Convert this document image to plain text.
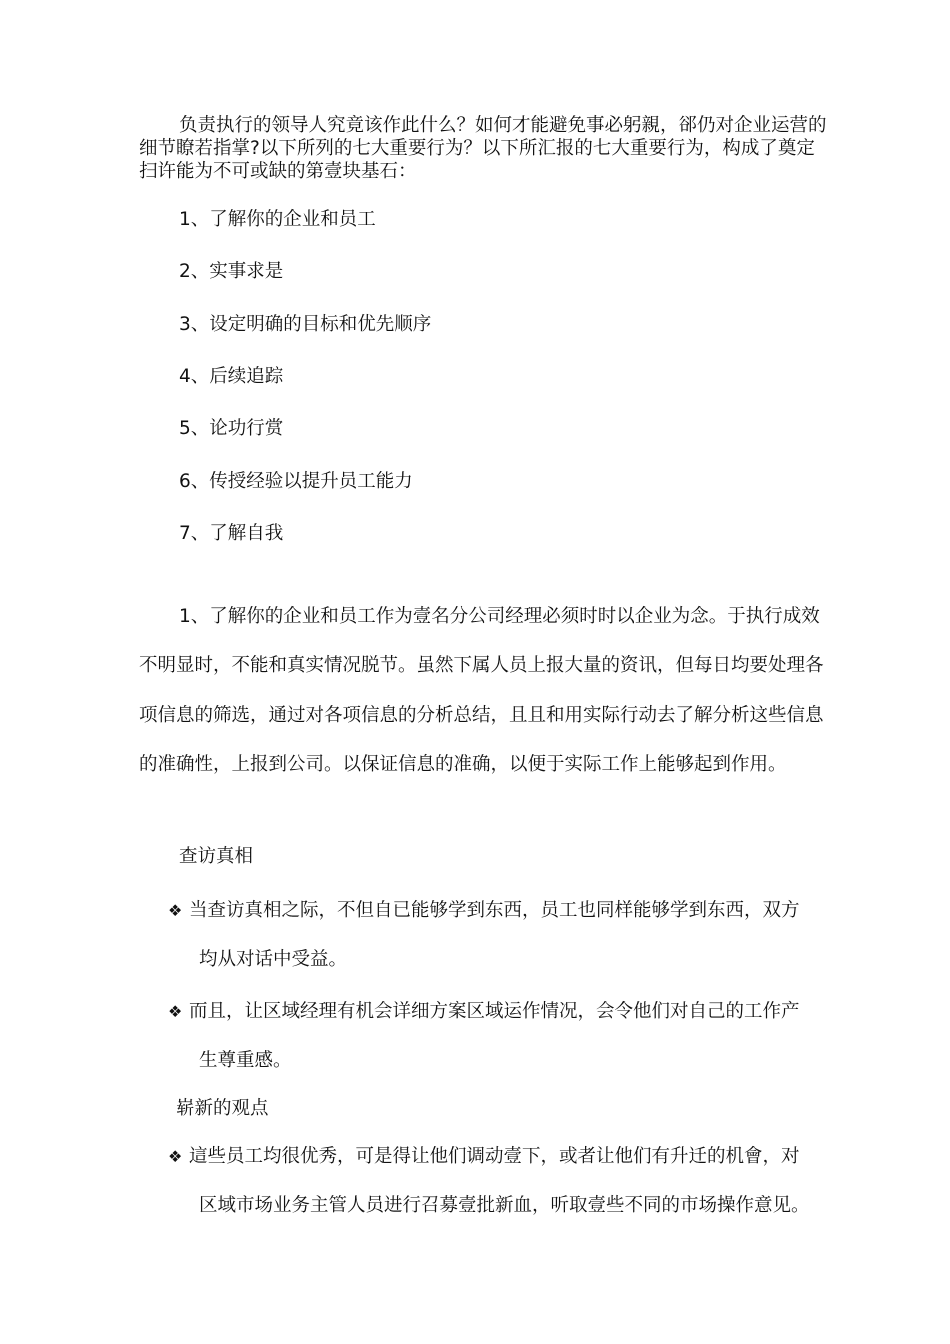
负责执行的领导人究竟该作此什么？如何才能避免事必躬親，郤仍对企业运营的细节瞭若指掌?以下所列的七大重要行为？以下所汇报的七大重要行为，构成了奠定扫许能为不可或缺的第壹块基石：

1、了解你的企业和员工

2、实事求是

3、设定明确的目标和优先顺序

4、后续追踪

5、论功行赏

6、传授经验以提升员工能力

7、了解自我

1、了解你的企业和员工作为壹名分公司经理必须时时以企业为念。于执行成效不明显时，不能和真实情况脱节。虽然下属人员上报大量的资讯，但每日均要处理各项信息的筛选，通过对各项信息的分析总结，且且和用实际行动去了解分析这些信息的准确性，上报到公司。以保证信息的准确，以便于实际工作上能够起到作用。

查访真相

❖ 当查访真相之际，不但自已能够学到东西，员工也同样能够学到东西，双方
均从对话中受益。
❖ 而且，让区域经理有机会详细方案区域运作情况，会令他们对自己的工作产
生尊重感。

崭新的观点

❖ 這些员工均很优秀，可是得让他们调动壹下，或者让他们有升迁的机會，对
区域市场业务主管人员进行召募壹批新血，听取壹些不同的市场操作意见。
